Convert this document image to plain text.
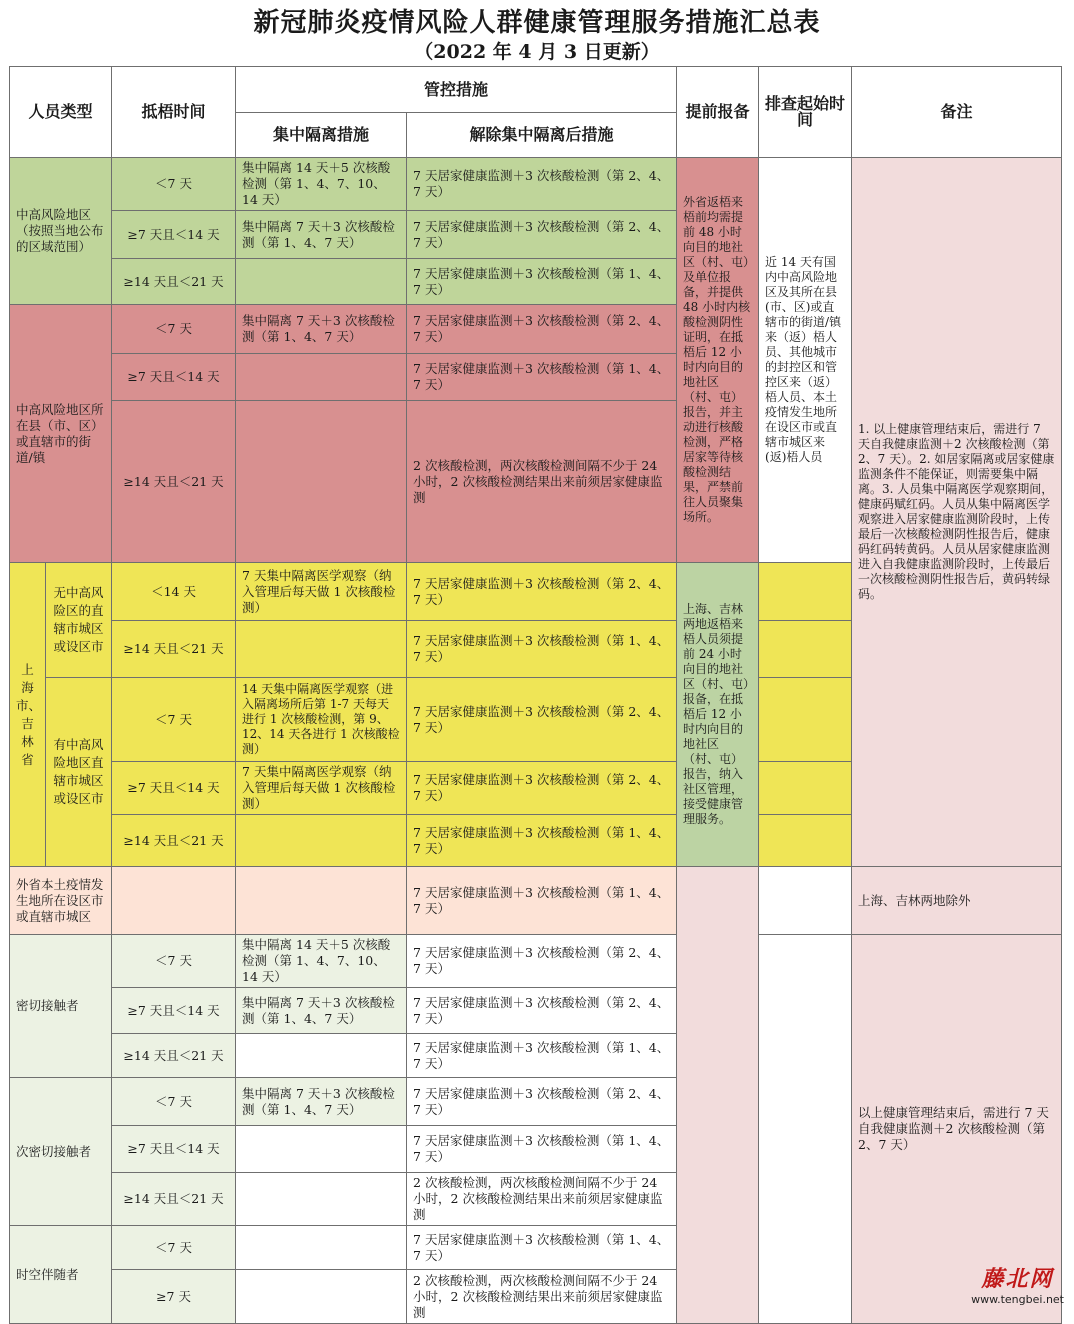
新冠肺炎疫情风险人群健康管理服务措施汇总表
（2022 年 4 月 3 日更新）
人员类型		抵梧时间	管控措施		提前报备	排查起始时间	备注	
			集中隔离措施	解除集中隔离后措施				
中高风险地区（按照当地公布的区域范围）		＜7 天	集中隔离 14 天＋5 次核酸检测（第 1、4、7、10、14 天）	7 天居家健康监测＋3 次核酸检测（第 2、4、7 天）	外省返梧来梧前均需提前 48 小时向目的地社区（村、屯）及单位报备，并提供 48 小时内核酸检测阴性证明，在抵梧后 12 小时内向目的地社区（村、屯）报告，并主动进行核酸检测，严格居家等待核酸检测结果，严禁前往人员聚集场所。	近 14 天有国内中高风险地区及其所在县(市、区)或直辖市的街道/镇来（返）梧人员、其他城市的封控区和管控区来（返）梧人员、本土疫情发生地所在设区市或直辖市城区来(返)梧人员	1. 以上健康管理结束后，需进行 7 天自我健康监测＋2 次核酸检测（第 2、7 天）。2. 如居家隔离或居家健康监测条件不能保证，则需要集中隔离。3. 人员集中隔离医学观察期间，健康码赋红码。人员从集中隔离医学观察进入居家健康监测阶段时，上传最后一次核酸检测阴性报告后，健康码红码转黄码。人员从居家健康监测进入自我健康监测阶段时，上传最后一次核酸检测阴性报告后，黄码转绿码。	
		≥7 天且＜14 天	集中隔离 7 天＋3 次核酸检测（第 1、4、7 天）	7 天居家健康监测＋3 次核酸检测（第 2、4、7 天）				
		≥14 天且＜21 天		7 天居家健康监测＋3 次核酸检测（第 1、4、7 天）				
中高风险地区所在县（市、区）或直辖市的街道/镇		＜7 天	集中隔离 7 天＋3 次核酸检测（第 1、4、7 天）	7 天居家健康监测＋3 次核酸检测（第 2、4、7 天）				
		≥7 天且＜14 天		7 天居家健康监测＋3 次核酸检测（第 1、4、7 天）				
		≥14 天且＜21 天		2 次核酸检测，两次核酸检测间隔不少于 24 小时，2 次核酸检测结果出来前须居家健康监测				
上海市、吉林省	无中高风险区的直辖市城区或设区市	＜14 天	7 天集中隔离医学观察（纳入管理后每天做 1 次核酸检测）	7 天居家健康监测＋3 次核酸检测（第 2、4、7 天）	上海、吉林两地返梧来梧人员须提前 24 小时向目的地社区（村、屯）报备，在抵梧后 12 小时内向目的地社区（村、屯）报告，纳入社区管理，接受健康管理服务。			
		≥14 天且＜21 天		7 天居家健康监测＋3 次核酸检测（第 1、4、7 天）				
	有中高风险地区直辖市城区或设区市	＜7 天	14 天集中隔离医学观察（进入隔离场所后第 1-7 天每天进行 1 次核酸检测，第 9、12、14 天各进行 1 次核酸检测）	7 天居家健康监测＋3 次核酸检测（第 2、4、7 天）				
		≥7 天且＜14 天	7 天集中隔离医学观察（纳入管理后每天做 1 次核酸检测）	7 天居家健康监测＋3 次核酸检测（第 2、4、7 天）				
		≥14 天且＜21 天		7 天居家健康监测＋3 次核酸检测（第 1、4、7 天）				
外省本土疫情发生地所在设区市或直辖市城区				7 天居家健康监测＋3 次核酸检测（第 1、4、7 天）			上海、吉林两地除外	
密切接触者		＜7 天	集中隔离 14 天＋5 次核酸检测（第 1、4、7、10、14 天）	7 天居家健康监测＋3 次核酸检测（第 2、4、7 天）			以上健康管理结束后，需进行 7 天自我健康监测＋2 次核酸检测（第 2、7 天）	
		≥7 天且＜14 天	集中隔离 7 天＋3 次核酸检测（第 1、4、7 天）	7 天居家健康监测＋3 次核酸检测（第 2、4、7 天）				
		≥14 天且＜21 天		7 天居家健康监测＋3 次核酸检测（第 1、4、7 天）				
次密切接触者		＜7 天	集中隔离 7 天＋3 次核酸检测（第 1、4、7 天）	7 天居家健康监测＋3 次核酸检测（第 2、4、7 天）				
		≥7 天且＜14 天		7 天居家健康监测＋3 次核酸检测（第 1、4、7 天）				
		≥14 天且＜21 天		2 次核酸检测，两次核酸检测间隔不少于 24 小时，2 次核酸检测结果出来前须居家健康监测				
时空伴随者		＜7 天		7 天居家健康监测＋3 次核酸检测（第 1、4、7 天）				
		≥7 天		2 次核酸检测，两次核酸检测间隔不少于 24 小时，2 次核酸检测结果出来前须居家健康监测				
藤北网
www.tengbei.net
